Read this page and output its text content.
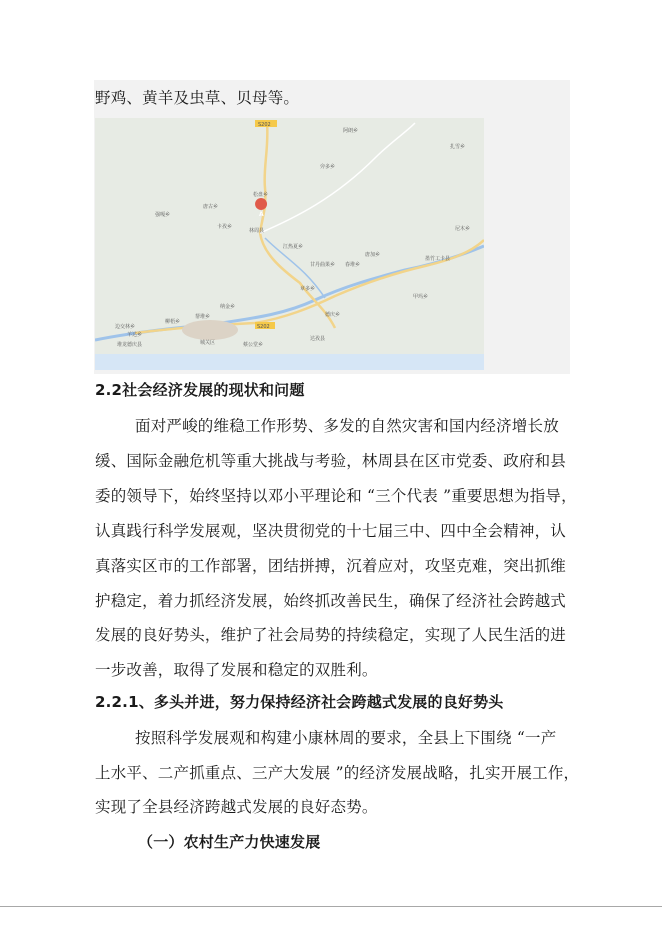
野鸡、黄羊及虫草、贝母等。
S202
S202
A
阿朗乡
扎雪乡
松盘乡
唐古乡
强嘎乡
卡孜乡
边交林乡
江热夏乡
旁多乡
春堆乡
甘丹曲果乡
林周县
墨竹工卡县
唐加乡
尼木乡
甲玛乡
达孜县
章多乡
羊达乡
柳梧乡
堆龙德庆县	城关区
纳金乡
蔡公堂乡
德庆乡
帮堆乡
2.2社会经济发展的现状和问题
面对严峻的维稳工作形势、多发的自然灾害和国内经济增长放
缓、国际金融危机等重大挑战与考验，林周县在区市党委、政府和县
委的领导下，始终坚持以邓小平理论和 “三个代表 ”重要思想为指导，
认真践行科学发展观，坚决贯彻党的十七届三中、四中全会精神，认
真落实区市的工作部署，团结拼搏，沉着应对，攻坚克难，突出抓维
护稳定，着力抓经济发展，始终抓改善民生，确保了经济社会跨越式
发展的良好势头，维护了社会局势的持续稳定，实现了人民生活的进
一步改善，取得了发展和稳定的双胜利。
2.2.1、多头并进，努力保持经济社会跨越式发展的良好势头
按照科学发展观和构建小康林周的要求，全县上下围绕 “一产
上水平、二产抓重点、三产大发展 ”的经济发展战略，扎实开展工作，
实现了全县经济跨越式发展的良好态势。
（一）农村生产力快速发展
